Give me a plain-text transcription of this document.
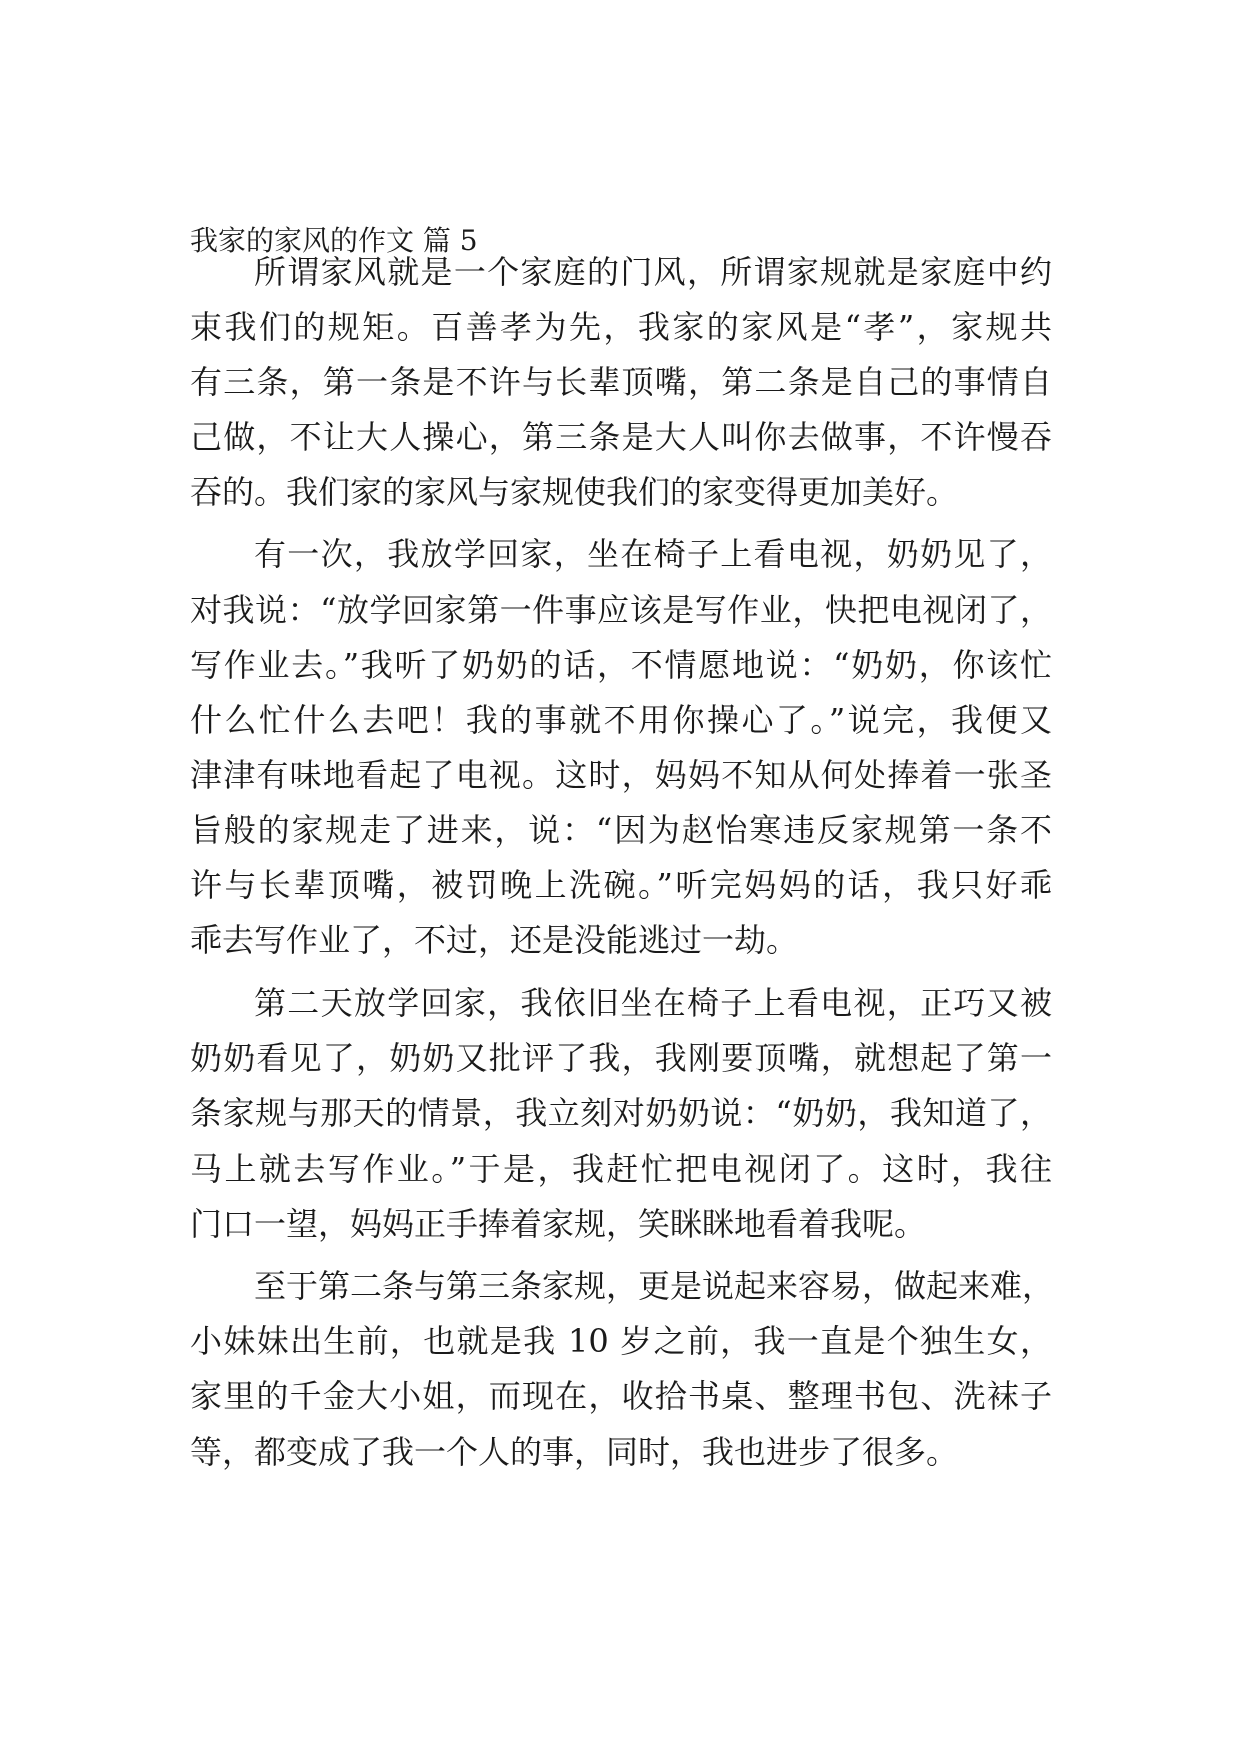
我家的家风的作文 篇 5
所谓家风就是一个家庭的门风，所谓家规就是家庭中约
束我们的规矩。百善孝为先，我家的家风是“孝”，家规共
有三条，第一条是不许与长辈顶嘴，第二条是自己的事情自
己做，不让大人操心，第三条是大人叫你去做事，不许慢吞
吞的。我们家的家风与家规使我们的家变得更加美好。
有一次，我放学回家，坐在椅子上看电视，奶奶见了，
对我说：“放学回家第一件事应该是写作业，快把电视闭了，
写作业去。”我听了奶奶的话，不情愿地说：“奶奶，你该忙
什么忙什么去吧！我的事就不用你操心了。”说完，我便又
津津有味地看起了电视。这时，妈妈不知从何处捧着一张圣
旨般的家规走了进来，说：“因为赵怡寒违反家规第一条不
许与长辈顶嘴，被罚晚上洗碗。”听完妈妈的话，我只好乖
乖去写作业了，不过，还是没能逃过一劫。
第二天放学回家，我依旧坐在椅子上看电视，正巧又被
奶奶看见了，奶奶又批评了我，我刚要顶嘴，就想起了第一
条家规与那天的情景，我立刻对奶奶说：“奶奶，我知道了，
马上就去写作业。”于是，我赶忙把电视闭了。这时，我往
门口一望，妈妈正手捧着家规，笑眯眯地看着我呢。
至于第二条与第三条家规，更是说起来容易，做起来难，
小妹妹出生前，也就是我 10 岁之前，我一直是个独生女，
家里的千金大小姐，而现在，收拾书桌、整理书包、洗袜子
等，都变成了我一个人的事，同时，我也进步了很多。
